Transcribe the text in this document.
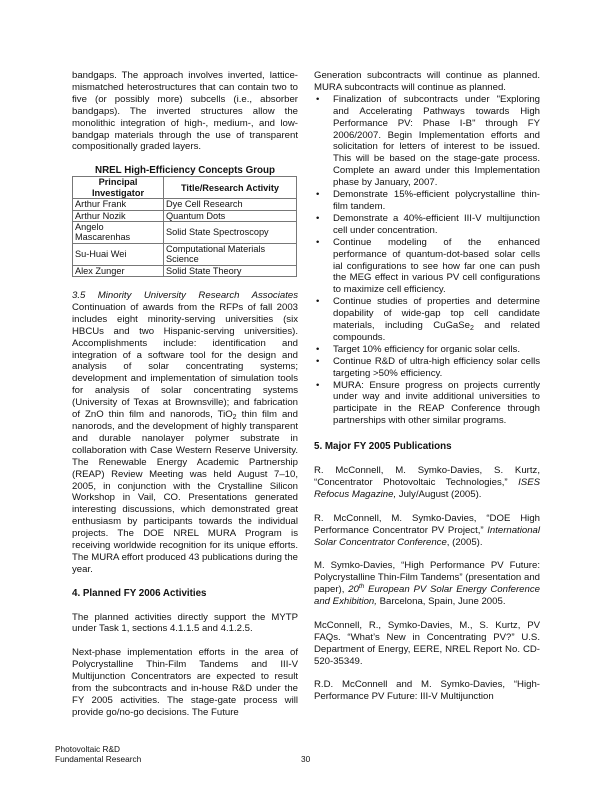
bandgaps. The approach involves inverted, lattice-mismatched heterostructures that can contain two to five (or possibly more) subcells (i.e., absorber bandgaps). The inverted structures allow the monolithic integration of high-, medium-, and low-bandgap materials through the use of transparent compositionally graded layers.

NREL High-Efficiency Concepts Group
Principal Investigator	Title/Research Activity
Arthur Frank	Dye Cell Research
Arthur Nozik	Quantum Dots
Angelo Mascarenhas	Solid State Spectroscopy
Su-Huai Wei	Computational Materials Science
Alex Zunger	Solid State Theory

3.5 Minority University Research Associates Continuation of awards from the RFPs of fall 2003 includes eight minority-serving universities (six HBCUs and two Hispanic-serving universities). Accomplishments include: identification and integration of a software tool for the design and analysis of solar concentrating systems; development and implementation of simulation tools for analysis of solar concentrating systems (University of Texas at Brownsville); and fabrication of ZnO thin film and nanorods, TiO$_2$ thin film and nanorods, and the development of highly transparent and durable nanolayer polymer substrate in collaboration with Case Western Reserve University. The Renewable Energy Academic Partnership (REAP) Review Meeting was held August 7–10, 2005, in conjunction with the Crystalline Silicon Workshop in Vail, CO. Presentations generated interesting discussions, which demonstrated great enthusiasm by participants towards the individual projects. The DOE NREL MURA Program is receiving worldwide recognition for its unique efforts. The MURA effort produced 43 publications during the year.

4. Planned FY 2006 Activities

The planned activities directly support the MYTP under Task 1, sections 4.1.1.5 and 4.1.2.5.

Next-phase implementation efforts in the area of Polycrystalline Thin-Film Tandems and III-V Multijunction Concentrators are expected to result from the subcontracts and in-house R&D under the FY 2005 activities. The stage-gate process will provide go/no-go decisions. The Future

Generation subcontracts will continue as planned. MURA subcontracts will continue as planned.

• Finalization of subcontracts under "Exploring and Accelerating Pathways towards High Performance PV: Phase I-B" through FY 2006/2007. Begin Implementation efforts and solicitation for letters of interest to be issued. This will be based on the stage-gate process. Complete an award under this Implementation phase by January, 2007.
• Demonstrate 15%-efficient polycrystalline thin-film tandem.
• Demonstrate a 40%-efficient III-V multijunction cell under concentration.
• Continue modeling of the enhanced performance of quantum-dot-based solar cells ial configurations to see how far one can push the MEG effect in various PV cell configurations to maximize cell efficiency.
• Continue studies of properties and determine dopability of wide-gap top cell candidate materials, including CuGaSe$_2$ and related compounds.
• Target 10% efficiency for organic solar cells.
• Continue R&D of ultra-high efficiency solar cells targeting >50% efficiency.
• MURA: Ensure progress on projects currently under way and invite additional universities to participate in the REAP Conference through partnerships with other similar programs.
5. Major FY 2005 Publications

R. McConnell, M. Symko-Davies, S. Kurtz, “Concentrator Photovoltaic Technologies,” ISES Refocus Magazine, July/August (2005).

R. McConnell, M. Symko-Davies, “DOE High Performance Concentrator PV Project,” International Solar Concentrator Conference, (2005).

M. Symko-Davies, “High Performance PV Future: Polycrystalline Thin-Film Tandems” (presentation and paper), 20th European PV Solar Energy Conference and Exhibition, Barcelona, Spain, June 2005.

McConnell, R., Symko-Davies, M., S. Kurtz, PV FAQs. “What’s New in Concentrating PV?” U.S. Department of Energy, EERE, NREL Report No. CD-520-35349.

R.D. McConnell and M. Symko-Davies, “High-Performance PV Future: III-V Multijunction

Photovoltaic R&D
Fundamental Research	30
